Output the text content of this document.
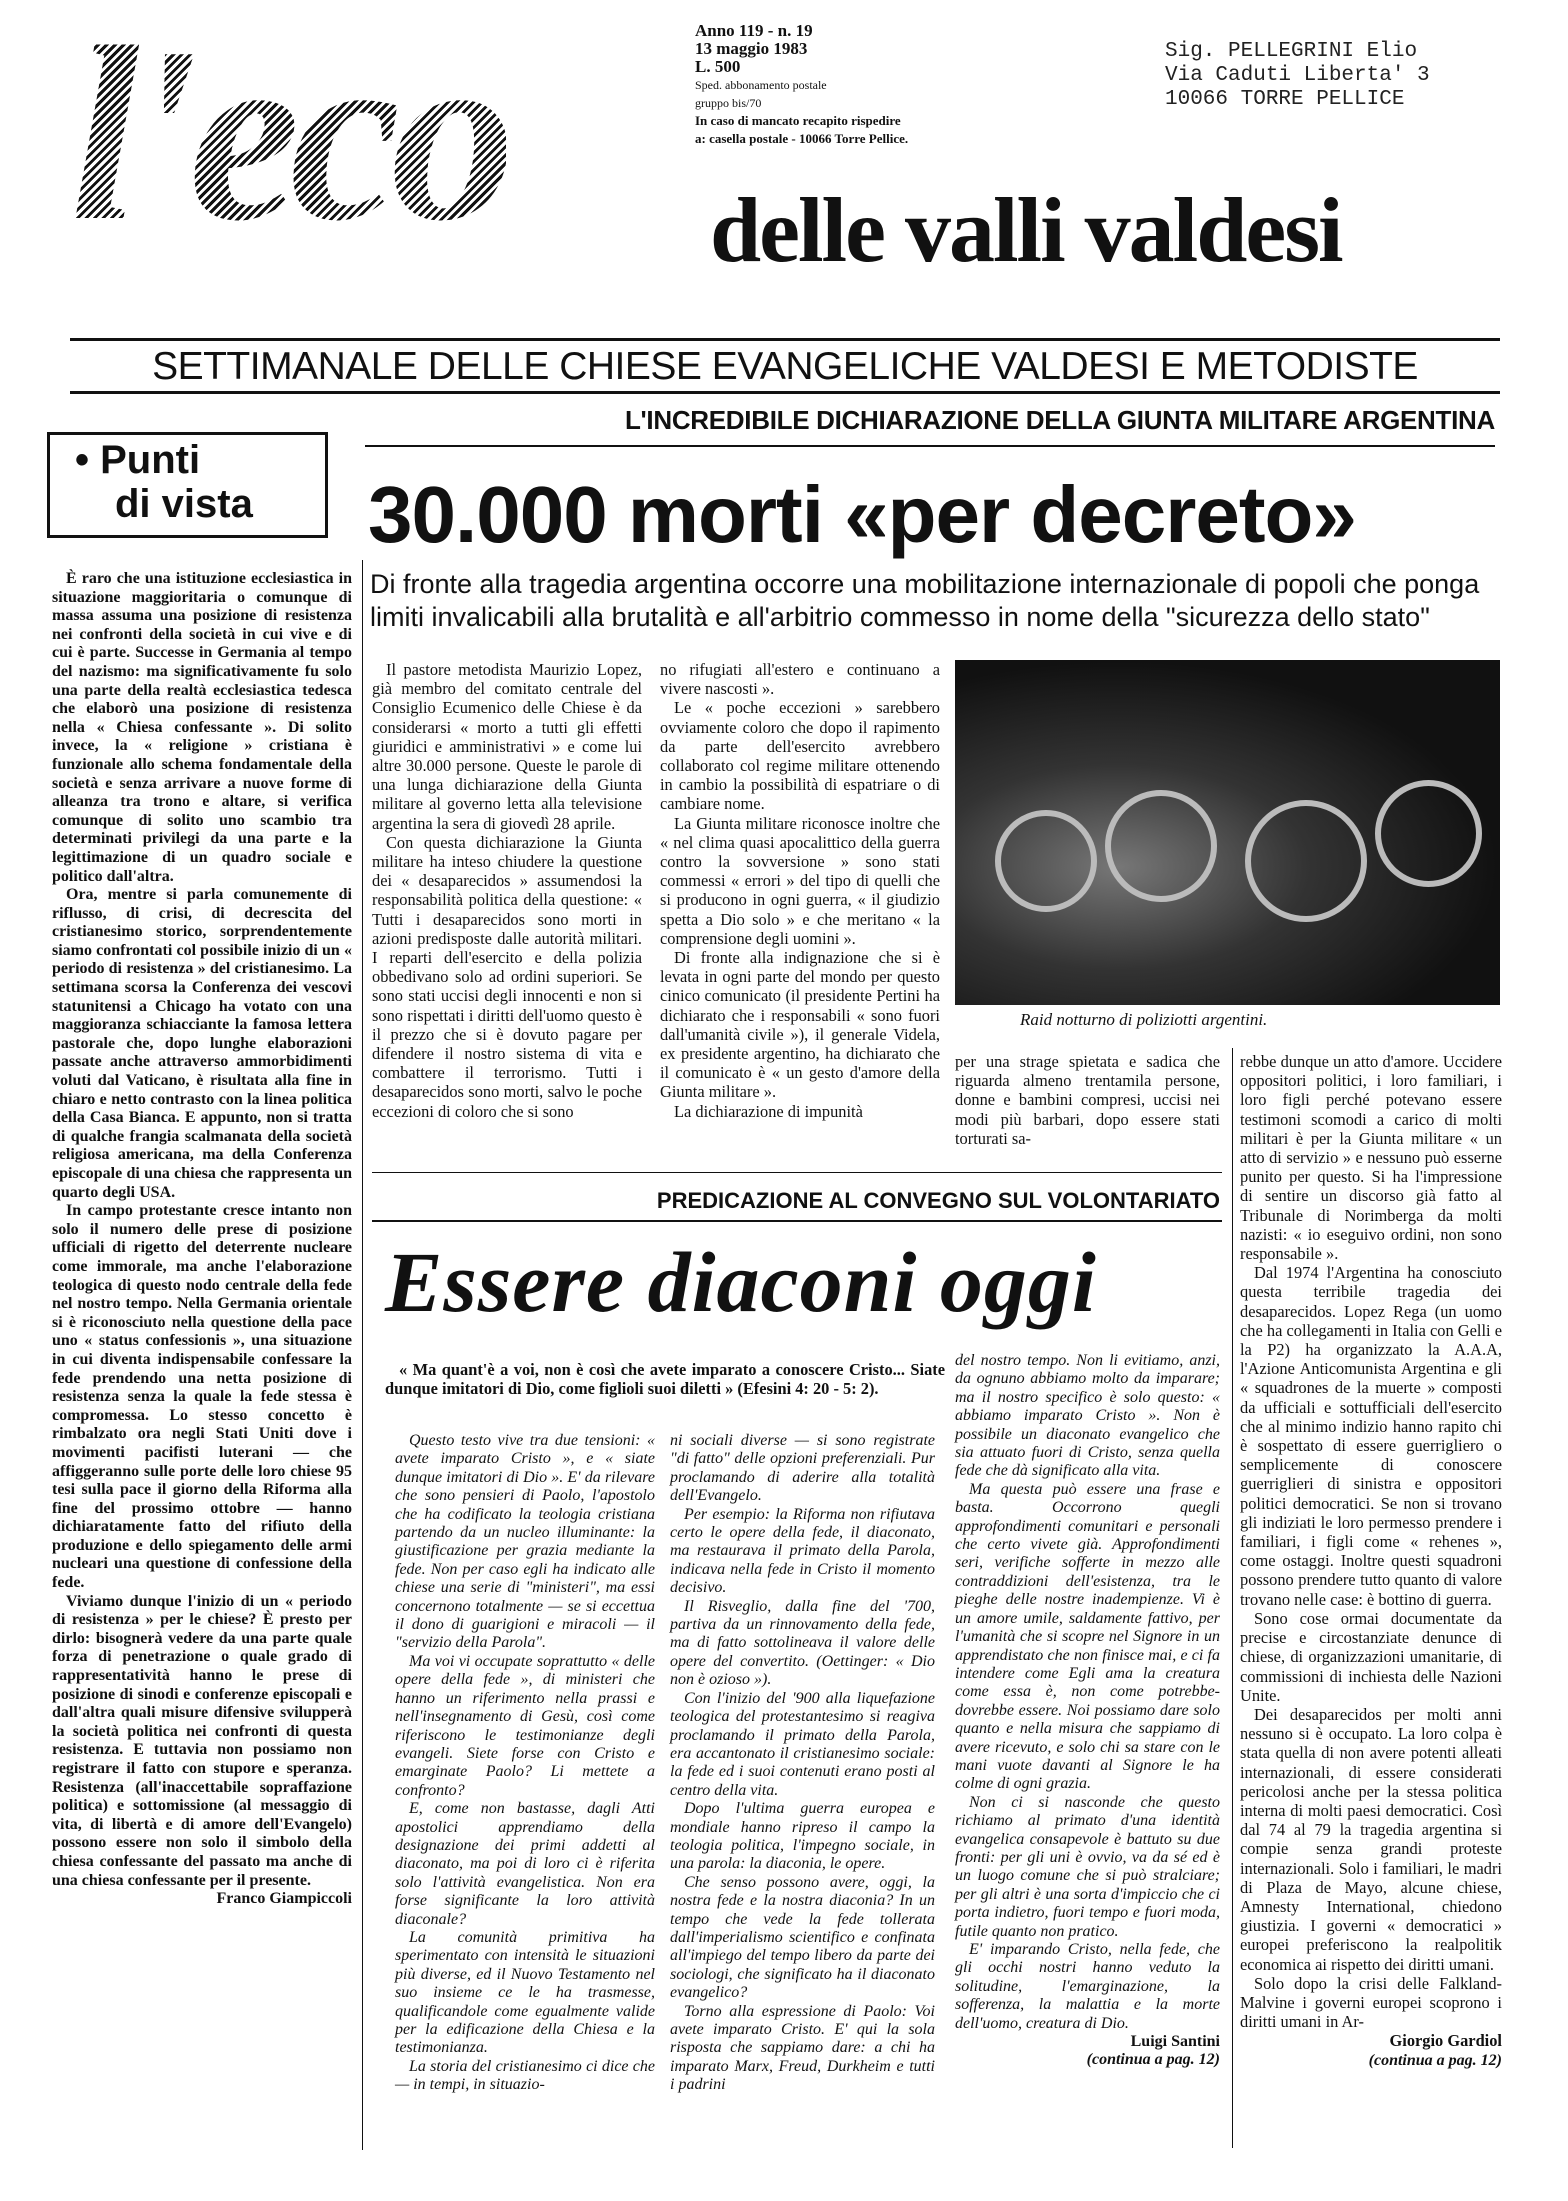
l'eco delle valli valdesi
Anno 119 - n. 19
13 maggio 1983
L. 500
Sped. abbonamento postale
gruppo bis/70
In caso di mancato recapito rispedire
a: casella postale - 10066 Torre Pellice.
Sig. PELLEGRINI Elio
Via Caduti Liberta' 3
10066 TORRE PELLICE
SETTIMANALE DELLE CHIESE EVANGELICHE VALDESI E METODISTE
L'INCREDIBILE DICHIARAZIONE DELLA GIUNTA MILITARE ARGENTINA
• Punti
di vista 30.000 morti «per decreto»
Di fronte alla tragedia argentina occorre una mobilitazione internazionale di popoli che ponga limiti invalicabili alla brutalità e all'arbitrio commesso in nome della "sicurezza dello stato"

È raro che una istituzione ecclesiastica in situazione maggioritaria o comunque di massa assuma una posizione di resistenza nei confronti della società in cui vive e di cui è parte. Successe in Germania al tempo del nazismo: ma significativamente fu solo una parte della realtà ecclesiastica tedesca che elaborò una posizione di resistenza nella « Chiesa confessante ». Di solito invece, la « religione » cristiana è funzionale allo schema fondamentale della società e senza arrivare a nuove forme di alleanza tra trono e altare, si verifica comunque di solito uno scambio tra determinati privilegi da una parte e la legittimazione di un quadro sociale e politico dall'altra.

Ora, mentre si parla comunemente di riflusso, di crisi, di decrescita del cristianesimo storico, sorprendentemente siamo confrontati col possibile inizio di un « periodo di resistenza » del cristianesimo. La settimana scorsa la Conferenza dei vescovi statunitensi a Chicago ha votato con una maggioranza schiacciante la famosa lettera pastorale che, dopo lunghe elaborazioni passate anche attraverso ammorbidimenti voluti dal Vaticano, è risultata alla fine in chiaro e netto contrasto con la linea politica della Casa Bianca. E appunto, non si tratta di qualche frangia scalmanata della società religiosa americana, ma della Conferenza episcopale di una chiesa che rappresenta un quarto degli USA.

In campo protestante cresce intanto non solo il numero delle prese di posizione ufficiali di rigetto del deterrente nucleare come immorale, ma anche l'elaborazione teologica di questo nodo centrale della fede nel nostro tempo. Nella Germania orientale si è riconosciuto nella questione della pace uno « status confessionis », una situazione in cui diventa indispensabile confessare la fede prendendo una netta posizione di resistenza senza la quale la fede stessa è compromessa. Lo stesso concetto è rimbalzato ora negli Stati Uniti dove i movimenti pacifisti luterani — che affiggeranno sulle porte delle loro chiese 95 tesi sulla pace il giorno della Riforma alla fine del prossimo ottobre — hanno dichiaratamente fatto del rifiuto della produzione e dello spiegamento delle armi nucleari una questione di confessione della fede.

Viviamo dunque l'inizio di un « periodo di resistenza » per le chiese? È presto per dirlo: bisognerà vedere da una parte quale forza di penetrazione o quale grado di rappresentatività hanno le prese di posizione di sinodi e conferenze episcopali e dall'altra quali misure difensive svilupperà la società politica nei confronti di questa resistenza. E tuttavia non possiamo non registrare il fatto con stupore e speranza. Resistenza (all'inaccettabile sopraffazione politica) e sottomissione (al messaggio di vita, di libertà e di amore dell'Evangelo) possono essere non solo il simbolo della chiesa confessante del passato ma anche di una chiesa confessante per il presente.

Franco Giampiccoli

Il pastore metodista Maurizio Lopez, già membro del comitato centrale del Consiglio Ecumenico delle Chiese è da considerarsi « morto a tutti gli effetti giuridici e amministrativi » e come lui altre 30.000 persone. Queste le parole di una lunga dichiarazione della Giunta militare al governo letta alla televisione argentina la sera di giovedì 28 aprile.

Con questa dichiarazione la Giunta militare ha inteso chiudere la questione dei « desaparecidos » assumendosi la responsabilità politica della questione: « Tutti i desaparecidos sono morti in azioni predisposte dalle autorità militari. I reparti dell'esercito e della polizia obbedivano solo ad ordini superiori. Se sono stati uccisi degli innocenti e non si sono rispettati i diritti dell'uomo questo è il prezzo che si è dovuto pagare per difendere il nostro sistema di vita e combattere il terrorismo. Tutti i desaparecidos sono morti, salvo le poche eccezioni di coloro che si sono

no rifugiati all'estero e continuano a vivere nascosti ».

Le « poche eccezioni » sarebbero ovviamente coloro che dopo il rapimento da parte dell'esercito avrebbero collaborato col regime militare ottenendo in cambio la possibilità di espatriare o di cambiare nome.

La Giunta militare riconosce inoltre che « nel clima quasi apocalittico della guerra contro la sovversione » sono stati commessi « errori » del tipo di quelli che si producono in ogni guerra, « il giudizio spetta a Dio solo » e che meritano « la comprensione degli uomini ».

Di fronte alla indignazione che si è levata in ogni parte del mondo per questo cinico comunicato (il presidente Pertini ha dichiarato che i responsabili « sono fuori dall'umanità civile »), il generale Videla, ex presidente argentino, ha dichiarato che il comunicato è « un gesto d'amore della Giunta militare ».

La dichiarazione di impunità

Raid notturno di poliziotti argentini.

per una strage spietata e sadica che riguarda almeno trentamila persone, donne e bambini compresi, uccisi nei modi più barbari, dopo essere stati torturati sa-

rebbe dunque un atto d'amore. Uccidere oppositori politici, i loro familiari, i loro figli perché potevano essere testimoni scomodi a carico di molti militari è per la Giunta militare « un atto di servizio » e nessuno può esserne punito per questo. Si ha l'impressione di sentire un discorso già fatto al Tribunale di Norimberga da molti nazisti: « io eseguivo ordini, non sono responsabile ».

Dal 1974 l'Argentina ha conosciuto questa terribile tragedia dei desaparecidos. Lopez Rega (un uomo che ha collegamenti in Italia con Gelli e la P2) ha organizzato la A.A.A, l'Azione Anticomunista Argentina e gli « squadrones de la muerte » composti da ufficiali e sottufficiali dell'esercito che al minimo indizio hanno rapito chi è sospettato di essere guerrigliero o semplicemente di conoscere guerriglieri di sinistra e oppositori politici democratici. Se non si trovano gli indiziati le loro permesso prendere i familiari, i figli come « rehenes », come ostaggi. Inoltre questi squadroni possono prendere tutto quanto di valore trovano nelle case: è bottino di guerra.

Sono cose ormai documentate da precise e circostanziate denunce di chiese, di organizzazioni umanitarie, di commissioni di inchiesta delle Nazioni Unite.

Dei desaparecidos per molti anni nessuno si è occupato. La loro colpa è stata quella di non avere potenti alleati internazionali, di essere considerati pericolosi anche per la stessa politica interna di molti paesi democratici. Così dal 74 al 79 la tragedia argentina si compie senza grandi proteste internazionali. Solo i familiari, le madri di Plaza de Mayo, alcune chiese, Amnesty International, chiedono giustizia. I governi « democratici » europei preferiscono la realpolitik economica ai rispetto dei diritti umani.

Solo dopo la crisi delle Falkland-Malvine i governi europei scoprono i diritti umani in Ar-

Giorgio Gardiol
(continua a pag. 12)
PREDICAZIONE AL CONVEGNO SUL VOLONTARIATO
Essere diaconi oggi
« Ma quant'è a voi, non è così che avete imparato a conoscere Cristo... Siate dunque imitatori di Dio, come figlioli suoi diletti » (Efesini 4: 20 - 5: 2).

Questo testo vive tra due tensioni: « avete imparato Cristo », e « siate dunque imitatori di Dio ». E' da rilevare che sono pensieri di Paolo, l'apostolo che ha codificato la teologia cristiana partendo da un nucleo illuminante: la giustificazione per grazia mediante la fede. Non per caso egli ha indicato alle chiese una serie di "ministeri", ma essi concernono totalmente — se si eccettua il dono di guarigioni e miracoli — il "servizio della Parola".

Ma voi vi occupate soprattutto « delle opere della fede », di ministeri che hanno un riferimento nella prassi e nell'insegnamento di Gesù, così come riferiscono le testimonianze degli evangeli. Siete forse con Cristo e emarginate Paolo? Li mettete a confronto?

E, come non bastasse, dagli Atti apostolici apprendiamo della designazione dei primi addetti al diaconato, ma poi di loro ci è riferita solo l'attività evangelistica. Non era forse significante la loro attività diaconale?

La comunità primitiva ha sperimentato con intensità le situazioni più diverse, ed il Nuovo Testamento nel suo insieme ce le ha trasmesse, qualificandole come egualmente valide per la edificazione della Chiesa e la testimonianza.

La storia del cristianesimo ci dice che — in tempi, in situazio-

ni sociali diverse — si sono registrate "di fatto" delle opzioni preferenziali. Pur proclamando di aderire alla totalità dell'Evangelo.

Per esempio: la Riforma non rifiutava certo le opere della fede, il diaconato, ma restaurava il primato della Parola, indicava nella fede in Cristo il momento decisivo.

Il Risveglio, dalla fine del '700, partiva da un rinnovamento della fede, ma di fatto sottolineava il valore delle opere del convertito. (Oettinger: « Dio non è ozioso »).

Con l'inizio del '900 alla liquefazione teologica del protestantesimo si reagiva proclamando il primato della Parola, era accantonato il cristianesimo sociale: la fede ed i suoi contenuti erano posti al centro della vita.

Dopo l'ultima guerra europea e mondiale hanno ripreso il campo la teologia politica, l'impegno sociale, in una parola: la diaconia, le opere.

Che senso possono avere, oggi, la nostra fede e la nostra diaconia? In un tempo che vede la fede tollerata dall'imperialismo scientifico e confinata all'impiego del tempo libero da parte dei sociologi, che significato ha il diaconato evangelico?

Torno alla espressione di Paolo: Voi avete imparato Cristo. E' qui la sola risposta che sappiamo dare: a chi ha imparato Marx, Freud, Durkheim e tutti i padrini

del nostro tempo. Non li evitiamo, anzi, da ognuno abbiamo molto da imparare; ma il nostro specifico è solo questo: « abbiamo imparato Cristo ». Non è possibile un diaconato evangelico che sia attuato fuori di Cristo, senza quella fede che dà significato alla vita.

Ma questa può essere una frase e basta. Occorrono quegli approfondimenti comunitari e personali che certo vivete già. Approfondimenti seri, verifiche sofferte in mezzo alle contraddizioni dell'esistenza, tra le pieghe delle nostre inadempienze. Vi è un amore umile, saldamente fattivo, per l'umanità che si scopre nel Signore in un apprendistato che non finisce mai, e ci fa intendere come Egli ama la creatura come essa è, non come potrebbe-dovrebbe essere. Noi possiamo dare solo quanto e nella misura che sappiamo di avere ricevuto, e solo chi sa stare con le mani vuote davanti al Signore le ha colme di ogni grazia.

Non ci si nasconde che questo richiamo al primato d'una identità evangelica consapevole è battuto su due fronti: per gli uni è ovvio, va da sé ed è un luogo comune che si può stralciare; per gli altri è una sorta d'impiccio che ci porta indietro, fuori tempo e fuori moda, futile quanto non pratico.

E' imparando Cristo, nella fede, che gli occhi nostri hanno veduto la solitudine, l'emarginazione, la sofferenza, la malattia e la morte dell'uomo, creatura di Dio.

Luigi Santini
(continua a pag. 12)
